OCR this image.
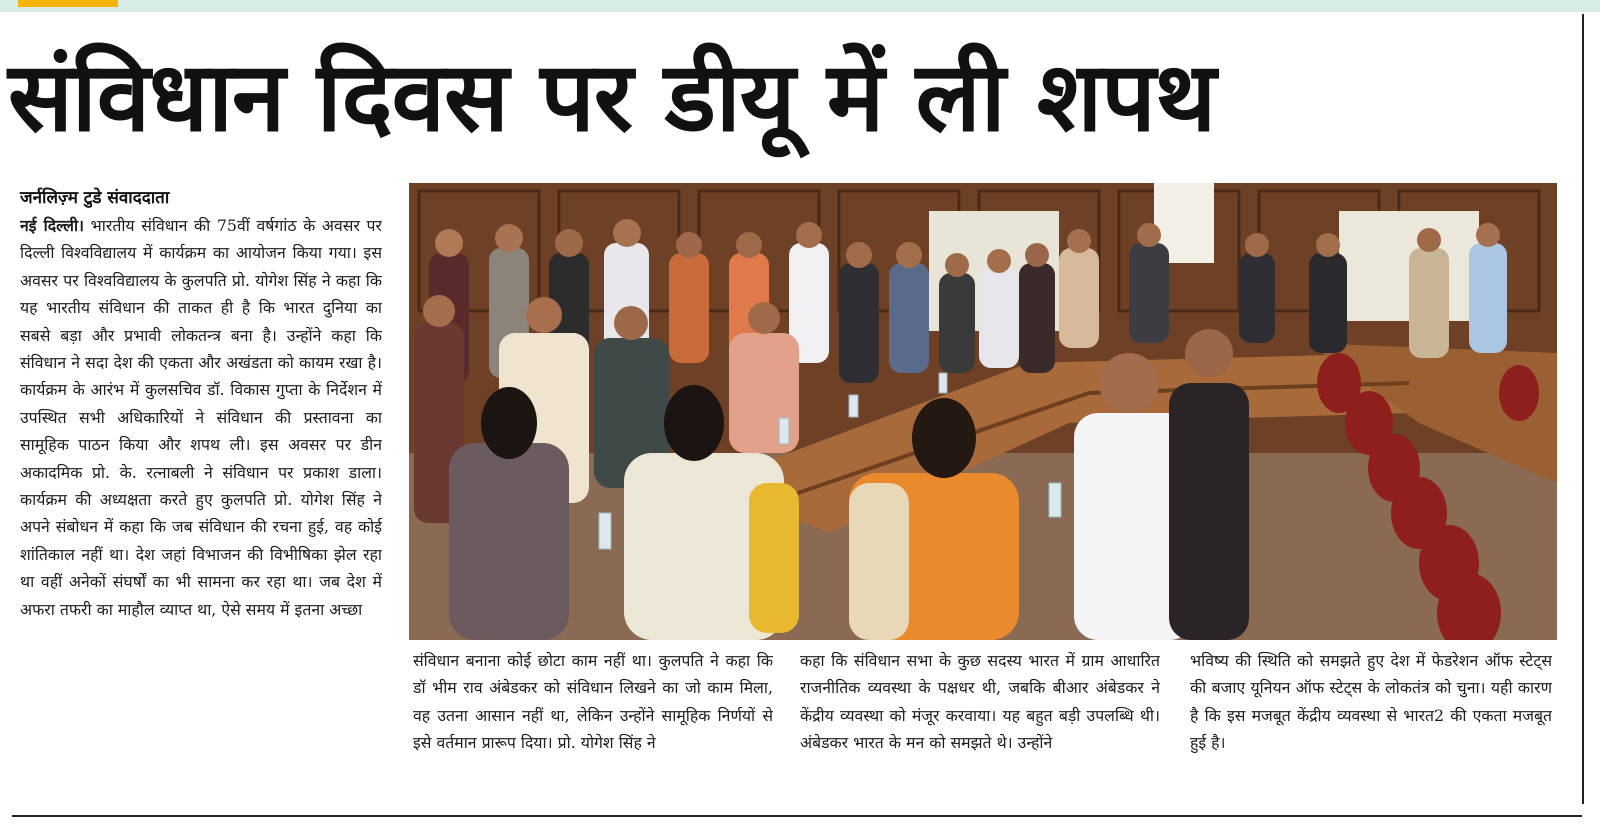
संविधान दिवस पर डीयू में ली शपथ
जर्नलिज़्म टुडे संवाददाता
नई दिल्ली। भारतीय संविधान की 75वीं वर्षगांठ के अवसर पर दिल्ली विश्वविद्यालय में कार्यक्रम का आयोजन किया गया। इस अवसर पर विश्वविद्यालय के कुलपति प्रो. योगेश सिंह ने कहा कि यह भारतीय संविधान की ताकत ही है कि भारत दुनिया का सबसे बड़ा और प्रभावी लोकतन्त्र बना है। उन्होंने कहा कि संविधान ने सदा देश की एकता और अखंडता को कायम रखा है। कार्यक्रम के आरंभ में कुलसचिव डॉ. विकास गुप्ता के निर्देशन में उपस्थित सभी अधिकारियों ने संविधान की प्रस्तावना का सामूहिक पाठन किया और शपथ ली। इस अवसर पर डीन अकादमिक प्रो. के. रत्नाबली ने संविधान पर प्रकाश डाला। कार्यक्रम की अध्यक्षता करते हुए कुलपति प्रो. योगेश सिंह ने अपने संबोधन में कहा कि जब संविधान की रचना हुई, वह कोई शांतिकाल नहीं था। देश जहां विभाजन की विभीषिका झेल रहा था वहीं अनेकों संघर्षों का भी सामना कर रहा था। जब देश में अफरा तफरी का माहौल व्याप्त था, ऐसे समय में इतना अच्छा
संविधान बनाना कोई छोटा काम नहीं था। कुलपति ने कहा कि डॉ भीम राव अंबेडकर को संविधान लिखने का जो काम मिला, वह उतना आसान नहीं था, लेकिन उन्होंने सामूहिक निर्णयों से इसे वर्तमान प्रारूप दिया। प्रो. योगेश सिंह ने
कहा कि संविधान सभा के कुछ सदस्य भारत में ग्राम आधारित राजनीतिक व्यवस्था के पक्षधर थी, जबकि बीआर अंबेडकर ने केंद्रीय व्यवस्था को मंजूर करवाया। यह बहुत बड़ी उपलब्धि थी। अंबेडकर भारत के मन को समझते थे। उन्होंने
भविष्य की स्थिति को समझते हुए देश में फेडरेशन ऑफ स्टेट्स की बजाए यूनियन ऑफ स्टेट्स के लोकतंत्र को चुना। यही कारण है कि इस मजबूत केंद्रीय व्यवस्था से भारत2 की एकता मजबूत हुई है।
